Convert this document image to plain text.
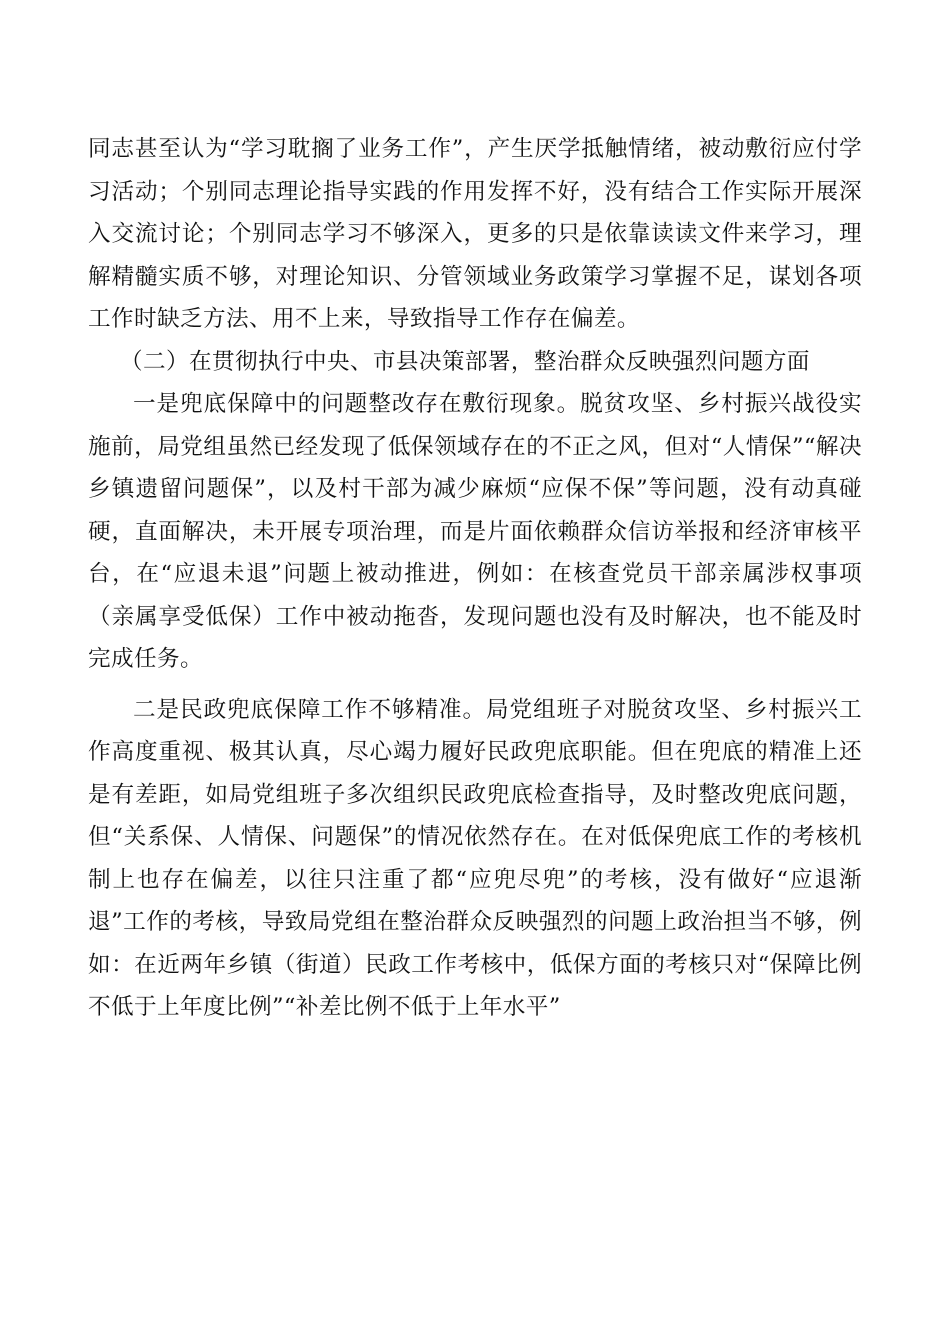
同志甚至认为“学习耽搁了业务工作”，产生厌学抵触情绪，被动敷衍应付学习活动；个别同志理论指导实践的作用发挥不好，没有结合工作实际开展深入交流讨论；个别同志学习不够深入，更多的只是依靠读读文件来学习，理解精髓实质不够，对理论知识、分管领域业务政策学习掌握不足，谋划各项工作时缺乏方法、用不上来，导致指导工作存在偏差。

（二）在贯彻执行中央、市县决策部署，整治群众反映强烈问题方面

一是兜底保障中的问题整改存在敷衍现象。脱贫攻坚、乡村振兴战役实施前，局党组虽然已经发现了低保领域存在的不正之风，但对“人情保”“解决乡镇遗留问题保”，以及村干部为减少麻烦“应保不保”等问题，没有动真碰硬，直面解决，未开展专项治理，而是片面依赖群众信访举报和经济审核平台，在“应退未退”问题上被动推进，例如：在核查党员干部亲属涉权事项（亲属享受低保）工作中被动拖沓，发现问题也没有及时解决，也不能及时完成任务。

二是民政兜底保障工作不够精准。局党组班子对脱贫攻坚、乡村振兴工作高度重视、极其认真，尽心竭力履好民政兜底职能。但在兜底的精准上还是有差距，如局党组班子多次组织民政兜底检查指导，及时整改兜底问题，但“关系保、人情保、问题保”的情况依然存在。在对低保兜底工作的考核机制上也存在偏差，以往只注重了都“应兜尽兜”的考核，没有做好“应退渐退”工作的考核，导致局党组在整治群众反映强烈的问题上政治担当不够，例如：在近两年乡镇（街道）民政工作考核中，低保方面的考核只对“保障比例不低于上年度比例”“补差比例不低于上年水平”
